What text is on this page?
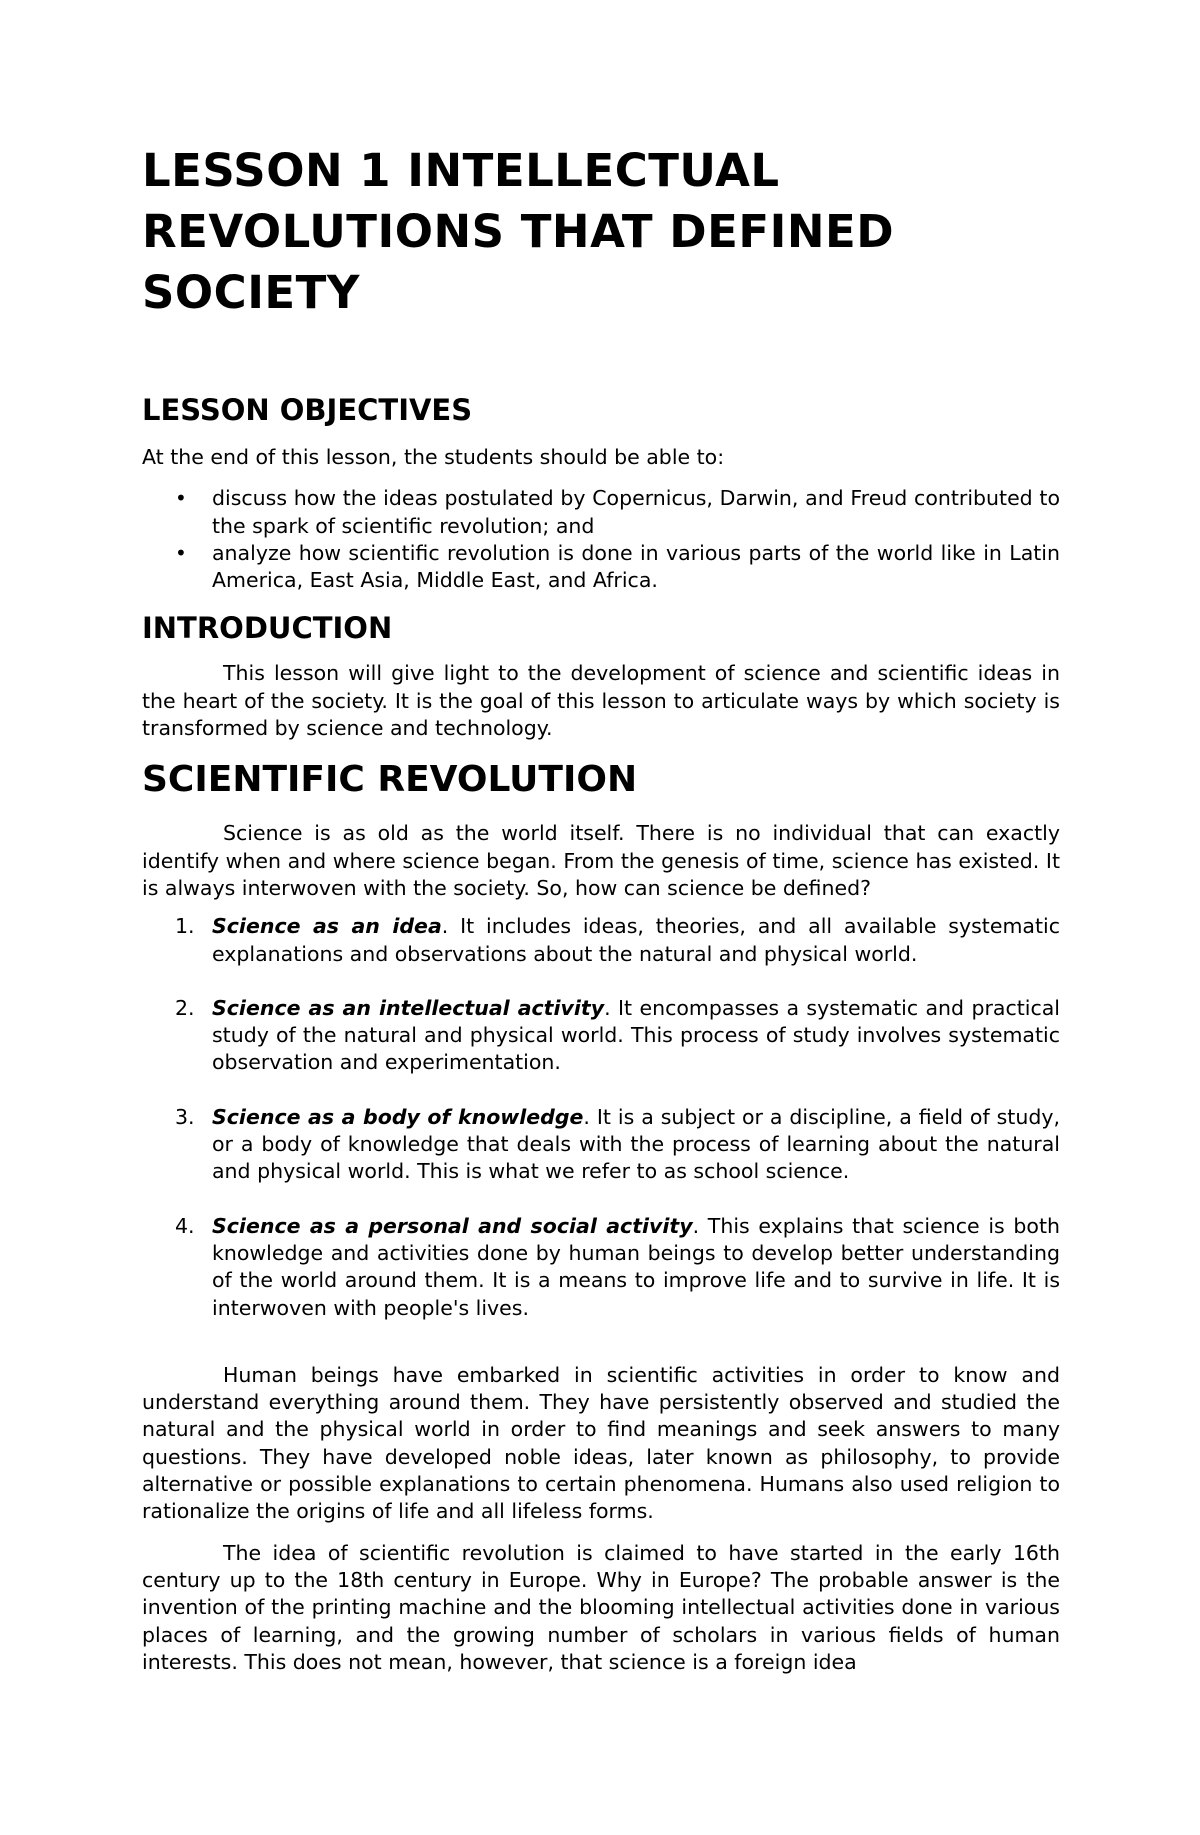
LESSON 1 INTELLECTUAL REVOLUTIONS THAT DEFINED SOCIETY
LESSON OBJECTIVES

At the end of this lesson, the students should be able to:

• discuss how the ideas postulated by Copernicus, Darwin, and Freud contributed to the spark of scientific revolution; and
• analyze how scientific revolution is done in various parts of the world like in Latin America, East Asia, Middle East, and Africa.
INTRODUCTION

This lesson will give light to the development of science and scientific ideas in the heart of the society. It is the goal of this lesson to articulate ways by which society is transformed by science and technology.

SCIENTIFIC REVOLUTION

Science is as old as the world itself. There is no individual that can exactly identify when and where science began. From the genesis of time, science has existed. It is always interwoven with the society. So, how can science be defined?

1. Science as an idea. It includes ideas, theories, and all available systematic explanations and observations about the natural and physical world.
2. Science as an intellectual activity. It encompasses a systematic and practical study of the natural and physical world. This process of study involves systematic observation and experimentation.
3. Science as a body of knowledge. It is a subject or a discipline, a field of study, or a body of knowledge that deals with the process of learning about the natural and physical world. This is what we refer to as school science.
4. Science as a personal and social activity. This explains that science is both knowledge and activities done by human beings to develop better understanding of the world around them. It is a means to improve life and to survive in life. It is interwoven with people's lives.

Human beings have embarked in scientific activities in order to know and understand everything around them. They have persistently observed and studied the natural and the physical world in order to find meanings and seek answers to many questions. They have developed noble ideas, later known as philosophy, to provide alternative or possible explanations to certain phenomena. Humans also used religion to rationalize the origins of life and all lifeless forms.

The idea of scientific revolution is claimed to have started in the early 16th century up to the 18th century in Europe. Why in Europe? The probable answer is the invention of the printing machine and the blooming intellectual activities done in various places of learning, and the growing number of scholars in various fields of human interests. This does not mean, however, that science is a foreign idea
